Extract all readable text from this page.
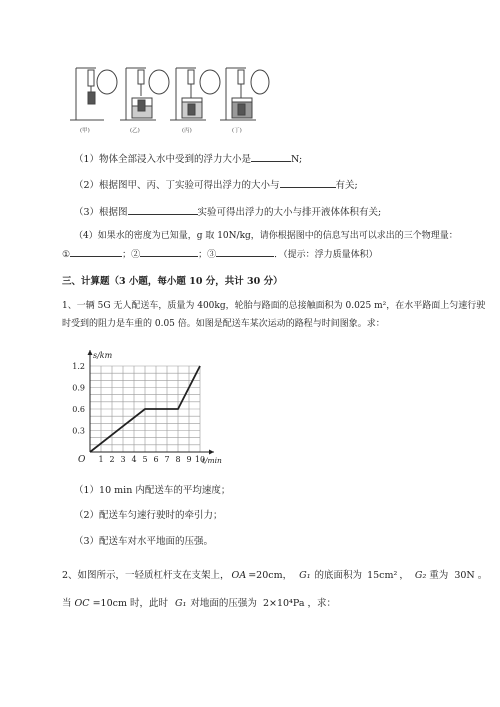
(甲)	(乙)	(丙)	(丁)
（1）物体全部浸入水中受到的浮力大小是	N;
（2）根据图甲、丙、丁实验可得出浮力的大小与	有关;
（3）根据图	实验可得出浮力的大小与排开液体体积有关;
（4）如果水的密度为已知量，g 取 10N/kg，请你根据图中的信息写出可以求出的三个物理量：
①	；②	；③	．（提示：浮力质量体积）
三、计算题（3 小题，每小题 10 分，共计 30 分）
1、一辆 5G 无人配送车，质量为 400kg，轮胎与路面的总接触面积为 0.025 m²，在水平路面上匀速行驶
时受到的阻力是车重的 0.05 倍。如图是配送车某次运动的路程与时间图象。求：
s/km
t/min
O 1 2 3 4 5 6 7 8 9 10
0.3
0.6
0.9
1.2
（1）10 min 内配送车的平均速度；
（2）配送车匀速行驶时的牵引力；
（3）配送车对水平地面的压强。
2、如图所示，一轻质杠杆支在支架上， OA =20cm， G₁ 的底面积为 15cm² ， G₂ 重为 30N 。
当 OC =10cm 时，此时 G₁ 对地面的压强为 2×10⁴Pa ，求：
